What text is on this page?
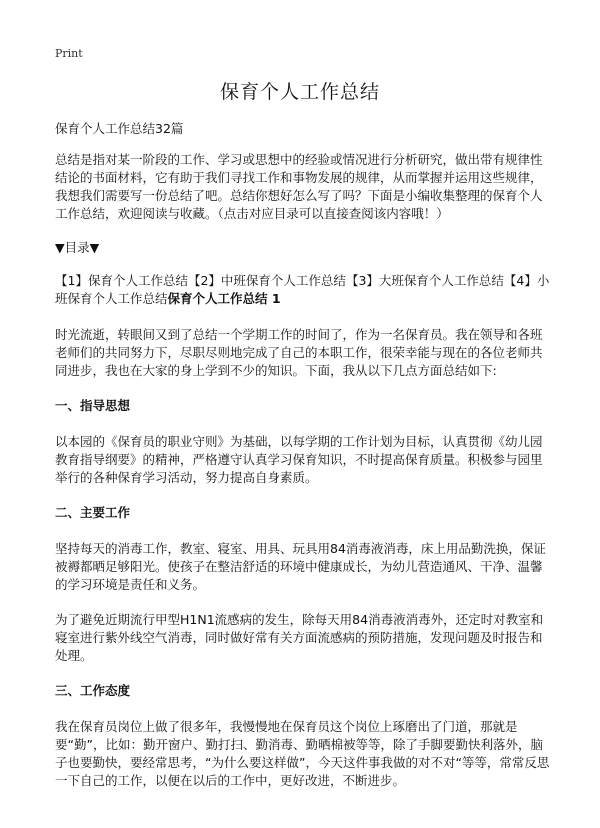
Print
保育个人工作总结

保育个人工作总结32篇

总结是指对某一阶段的工作、学习或思想中的经验或情况进行分析研究，做出带有规律性结论的书面材料，它有助于我们寻找工作和事物发展的规律，从而掌握并运用这些规律，我想我们需要写一份总结了吧。总结你想好怎么写了吗？下面是小编收集整理的保育个人工作总结，欢迎阅读与收藏。（点击对应目录可以直接查阅该内容哦！）

▼目录▼

【1】保育个人工作总结【2】中班保育个人工作总结【3】大班保育个人工作总结【4】小班保育个人工作总结保育个人工作总结 1

时光流逝，转眼间又到了总结一个学期工作的时间了，作为一名保育员。我在领导和各班老师们的共同努力下，尽职尽则地完成了自己的本职工作，很荣幸能与现在的各位老师共同进步，我也在大家的身上学到不少的知识。下面，我从以下几点方面总结如下:

一、指导思想

以本园的《保育员的职业守则》为基础，以每学期的工作计划为目标，认真贯彻《幼儿园教育指导纲要》的精神，严格遵守认真学习保育知识，不时提高保育质量。积极参与园里举行的各种保育学习活动，努力提高自身素质。

二、主要工作

坚持每天的消毒工作，教室、寝室、用具、玩具用84消毒液消毒，床上用品勤洗换，保证被褥都晒足够阳光。使孩子在整洁舒适的环境中健康成长，为幼儿营造通风、干净、温馨的学习环境是责任和义务。

为了避免近期流行甲型H1N1流感病的发生，除每天用84消毒液消毒外，还定时对教室和寝室进行紫外线空气消毒，同时做好常有关方面流感病的预防措施，发现问题及时报告和处理。

三、工作态度

我在保育员岗位上做了很多年，我慢慢地在保育员这个岗位上琢磨出了门道，那就是要“勤”，比如：勤开窗户、勤打扫、勤消毒、勤晒棉被等等，除了手脚要勤快利落外，脑子也要勤快，要经常思考，“为什么要这样做”，今天这件事我做的对不对“等等，常常反思一下自己的工作，以便在以后的工作中，更好改进，不断进步。
